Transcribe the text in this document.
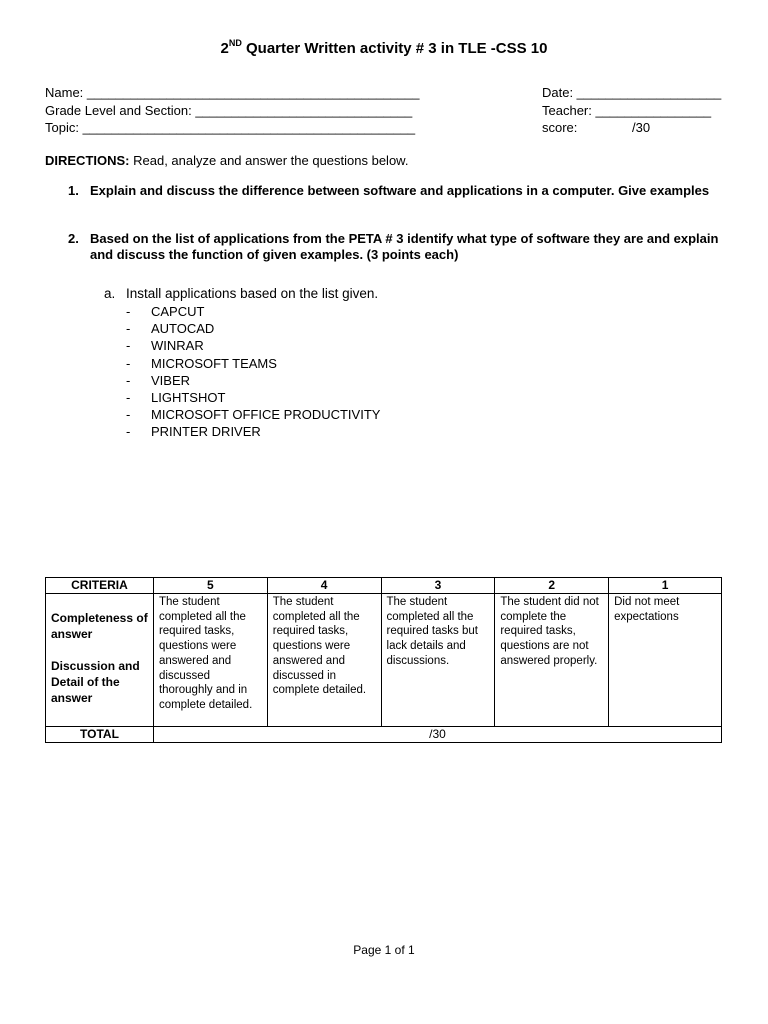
2ND Quarter Written activity # 3 in TLE -CSS 10
Name: ______________________________________________
Grade Level and Section: ______________________________
Topic: ______________________________________________
Date: ____________________
Teacher: ________________
score:	/30
DIRECTIONS: Read, analyze and answer the questions below.
1. Explain and discuss the difference between software and applications in a computer. Give examples
2. Based on the list of applications from the PETA # 3 identify what type of software they are and explain and discuss the function of given examples. (3 points each)
a. Install applications based on the list given.
- CAPCUT
- AUTOCAD
- WINRAR
- MICROSOFT TEAMS
- VIBER
- LIGHTSHOT
- MICROSOFT OFFICE PRODUCTIVITY
- PRINTER DRIVER
CRITERIA	5	4	3	2	1

Completeness of answer
Discussion and Detail of the answer	The student completed all the required tasks, questions were answered and discussed thoroughly and in complete detailed.	The student completed all the required tasks, questions were answered and discussed in complete detailed.	The student completed all the required tasks but lack details and discussions.	The student did not complete the required tasks, questions are not answered properly.	Did not meet expectations
TOTAL	/30				
Page 1 of 1
